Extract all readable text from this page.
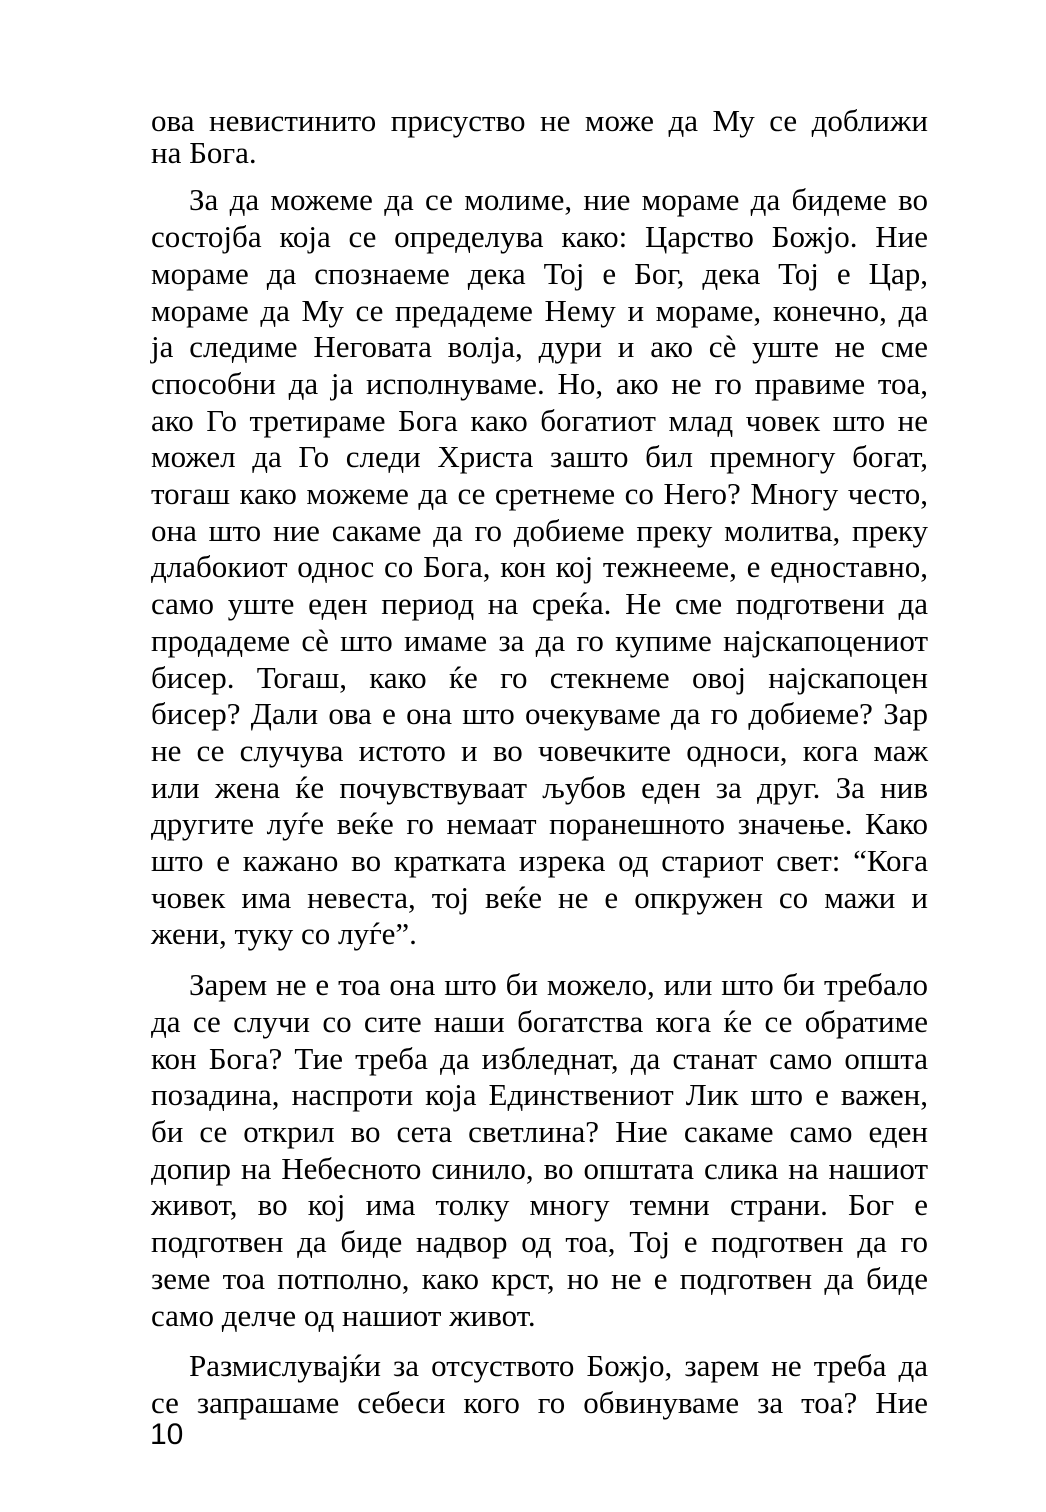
ова невистинито присуство не може да Му се доближи
на Бога.
За да можеме да се молиме, ние мораме да бидеме во
состојба која се определува како: Царство Божјо. Ние
мораме да спознаеме дека Тој е Бог, дека Тој е Цар,
мораме да Му се предадеме Нему и мораме, конечно, да
ја следиме Неговата волја, дури и ако сè уште не сме
способни да ја исполнуваме. Но, ако не го правиме тоа,
ако Го третираме Бога како богатиот млад човек што не
можел да Го следи Христа зашто бил премногу богат,
тогаш како можеме да се сретнеме со Него? Многу често,
она што ние сакаме да го добиеме преку молитва, преку
длабокиот однос со Бога, кон кој тежнееме, е едноставно,
само уште еден период на среќа. Не сме подготвени да
продадеме сè што имаме за да го купиме најскапоцениот
бисер. Тогаш, како ќе го стекнеме овој најскапоцен
бисер? Дали ова е она што очекуваме да го добиеме? Зар
не се случува истото и во човечките односи, кога маж
или жена ќе почувствуваат љубов еден за друг. За нив
другите луѓе веќе го немаат поранешното значење. Како
што е кажано во кратката изрека од стариот свет: “Кога
човек има невеста, тој веќе не е опкружен со мажи и
жени, туку со луѓе”.
Зарем не е тоа она што би можело, или што би требало
да се случи со сите наши богатства кога ќе се обратиме
кон Бога? Тие треба да избледнат, да станат само општа
позадина, наспроти која Единствениот Лик што е важен,
би се открил во сета светлина? Ние сакаме само еден
допир на Небесното синило, во општата слика на нашиот
живот, во кој има толку многу темни страни. Бог е
подготвен да биде надвор од тоа, Тој е подготвен да го
земе тоа потполно, како крст, но не е подготвен да биде
само делче од нашиот живот.
Размислувајќи за отсуството Божјо, зарем не треба да
се запрашаме себеси кого го обвинуваме за тоа? Ние
10
